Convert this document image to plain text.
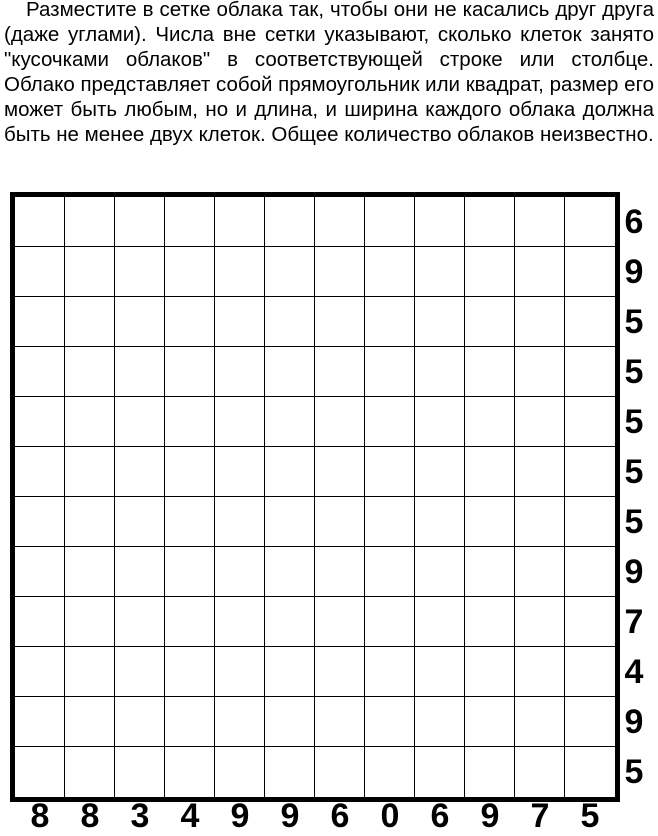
Разместите в сетке облака так, чтобы они не касались друг друга (даже углами). Числа вне сетки указывают, сколько клеток занято "кусочками облаков" в соответствующей строке или столбце. Облако представляет собой прямоугольник или квадрат, размер его может быть любым, но и длина, и ширина каждого облака должна быть не менее двух клеток. Общее количество облаков неизвестно.

6
9
5
5
5
5
5
9
7
4
9
5
8 8 3 4 9 9 6 0 6 9 7 5
